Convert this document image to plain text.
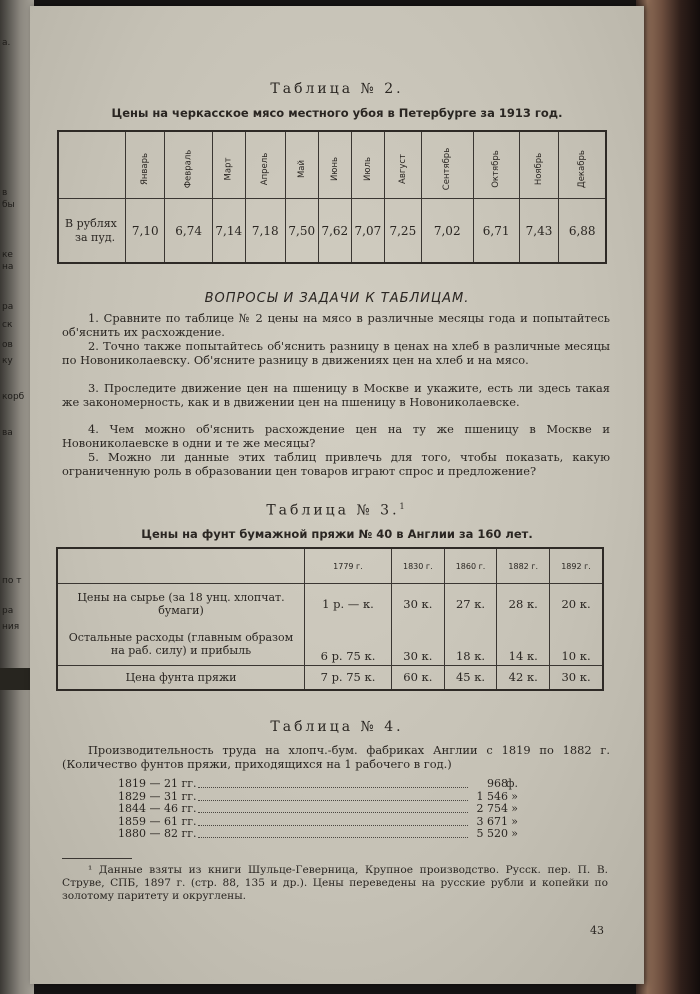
а.
в
бы
ке
на
ра
ск
ов
ку
корб
ва
по т
ра
ния
Таблица № 2.
Цены на черкасское мясо местного убоя в Петербурге за 1913 год.
	Январь	Февраль	Март	Апрель	Май	Июнь	Июль	Август	Сентябрь	Октябрь	Ноябрь	Декабрь

В рублях
за пуд.	7,10	6,74	7,14	7,18	7,50	7,62	7,07	7,25	7,02	6,71	7,43	6,88
ВОПРОСЫ И ЗАДАЧИ К ТАБЛИЦАМ.
1. Сравните по таблице № 2 цены на мясо в различные месяцы года и попытайтесь об'яснить их расхождение.
2. Точно также попытайтесь об'яснить разницу в ценах на хлеб в различные месяцы по Новониколаевску. Об'ясните разницу в движениях цен на хлеб и на мясо.
3. Проследите движение цен на пшеницу в Москве и укажите, есть ли здесь такая же закономерность, как и в движении цен на пшеницу в Новониколаевске.
4. Чем можно об'яснить расхождение цен на ту же пшеницу в Москве и Новониколаевске в одни и те же месяцы?
5. Можно ли данные этих таблиц привлечь для того, чтобы показать, какую ограниченную роль в образовании цен товаров играют спрос и предложение?
Таблица № 3.$^1$
Цены на фунт бумажной пряжи № 40 в Англии за 160 лет.
	1779 г.	1830 г.	1860 г.	1882 г.	1892 г.
Цены на сырье (за 18 унц. хлопчат. бумаги)	1 р. — к.	30 к.	27 к.	28 к.	20 к.
Остальные расходы (главным образом на раб. силу) и прибыль	6 р. 75 к.	30 к.	18 к.	14 к.	10 к.
Цена фунта пряжи	7 р. 75 к.	60 к.	45 к.	42 к.	30 к.
Таблица № 4.
Производительность труда на хлопч.-бум. фабриках Англии с 1819 по 1882 г. (Количество фунтов пряжи, приходящихся на 1 рабочего в год.)
1819 — 21 гг.	968
ф.
1829 — 31 гг.	1 546 »
1844 — 46 гг.	2 754 »
1859 — 61 гг.	3 671 »
1880 — 82 гг.	5 520 »
¹ Данные взяты из книги Шульце-Геверница, Крупное производство. Русск. пер. П. В. Струве, СПБ, 1897 г. (стр. 88, 135 и др.). Цены переведены на русские рубли и копейки по золотому паритету и округлены.
43
